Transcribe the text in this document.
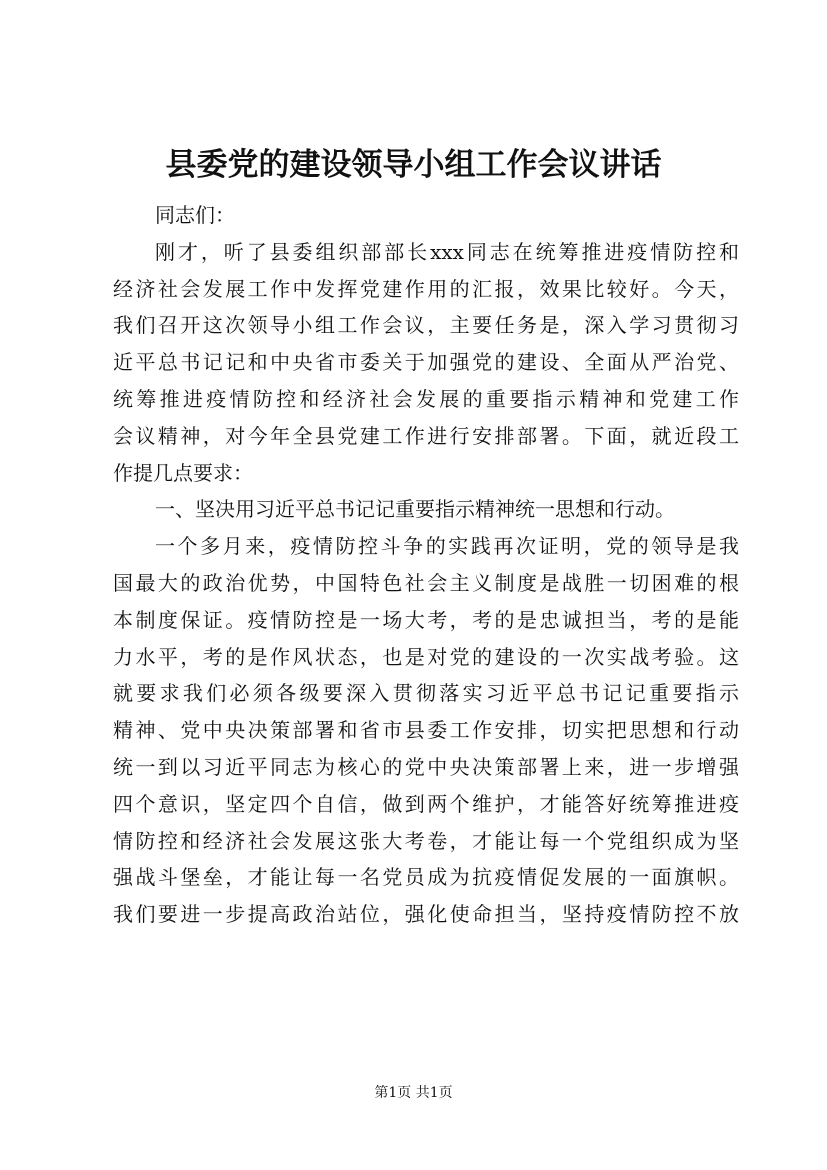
县委党的建设领导小组工作会议讲话
同志们：
刚才，听了县委组织部部长xxx同志在统筹推进疫情防控和
经济社会发展工作中发挥党建作用的汇报，效果比较好。今天，
我们召开这次领导小组工作会议，主要任务是，深入学习贯彻习
近平总书记记和中央省市委关于加强党的建设、全面从严治党、
统筹推进疫情防控和经济社会发展的重要指示精神和党建工作
会议精神，对今年全县党建工作进行安排部署。下面，就近段工
作提几点要求：
一、坚决用习近平总书记记重要指示精神统一思想和行动。
一个多月来，疫情防控斗争的实践再次证明，党的领导是我
国最大的政治优势，中国特色社会主义制度是战胜一切困难的根
本制度保证。疫情防控是一场大考，考的是忠诚担当，考的是能
力水平，考的是作风状态，也是对党的建设的一次实战考验。这
就要求我们必须各级要深入贯彻落实习近平总书记记重要指示
精神、党中央决策部署和省市县委工作安排，切实把思想和行动
统一到以习近平同志为核心的党中央决策部署上来，进一步增强
四个意识，坚定四个自信，做到两个维护，才能答好统筹推进疫
情防控和经济社会发展这张大考卷，才能让每一个党组织成为坚
强战斗堡垒，才能让每一名党员成为抗疫情促发展的一面旗帜。
我们要进一步提高政治站位，强化使命担当，坚持疫情防控不放
第1页 共1页
